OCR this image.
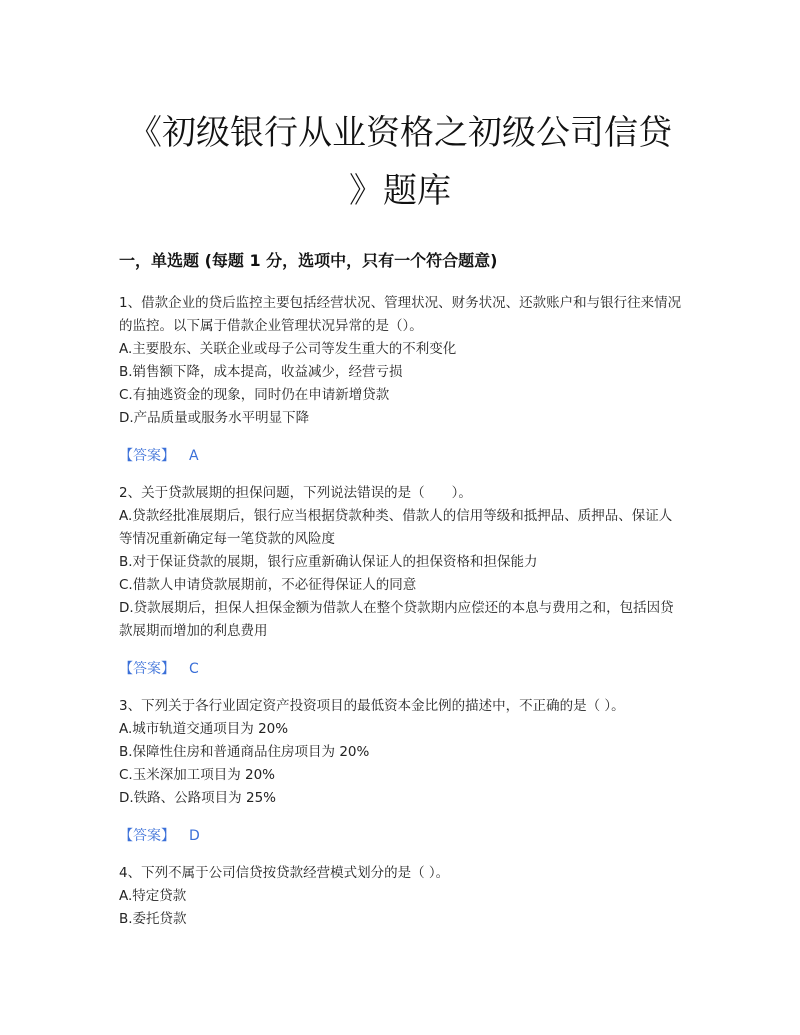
《初级银行从业资格之初级公司信贷
》题库
一，单选题 (每题 1 分，选项中，只有一个符合题意)

1、借款企业的贷后监控主要包括经营状况、管理状况、财务状况、还款账户和与银行往来情况的监控。以下属于借款企业管理状况异常的是（）。

A.主要股东、关联企业或母子公司等发生重大的不利变化

B.销售额下降，成本提高，收益减少，经营亏损

C.有抽逃资金的现象，同时仍在申请新增贷款

D.产品质量或服务水平明显下降

【答案】 A

2、关于贷款展期的担保问题，下列说法错误的是（　　）。

A.贷款经批准展期后，银行应当根据贷款种类、借款人的信用等级和抵押品、质押品、保证人等情况重新确定每一笔贷款的风险度

B.对于保证贷款的展期，银行应重新确认保证人的担保资格和担保能力

C.借款人申请贷款展期前，不必征得保证人的同意

D.贷款展期后，担保人担保金额为借款人在整个贷款期内应偿还的本息与费用之和，包括因贷款展期而增加的利息费用

【答案】 C

3、下列关于各行业固定资产投资项目的最低资本金比例的描述中，不正确的是（ ）。

A.城市轨道交通项目为 20%

B.保障性住房和普通商品住房项目为 20%

C.玉米深加工项目为 20%

D.铁路、公路项目为 25%

【答案】 D

4、下列不属于公司信贷按贷款经营模式划分的是（ ）。

A.特定贷款

B.委托贷款
